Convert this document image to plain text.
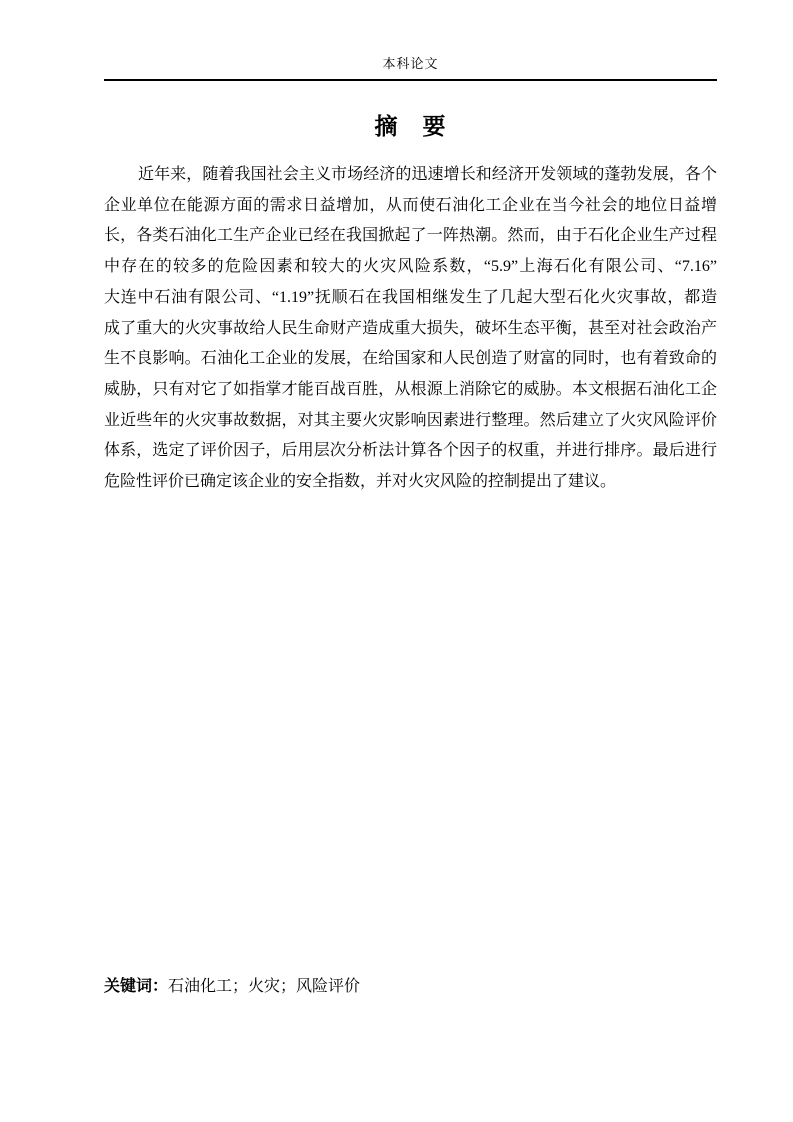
本科论文
摘　要
近年来，随着我国社会主义市场经济的迅速增长和经济开发领域的蓬勃发展，各个
企业单位在能源方面的需求日益增加，从而使石油化工企业在当今社会的地位日益增
长，各类石油化工生产企业已经在我国掀起了一阵热潮。然而，由于石化企业生产过程
中存在的较多的危险因素和较大的火灾风险系数，“5.9”上海石化有限公司、“7.16”
大连中石油有限公司、“1.19”抚顺石在我国相继发生了几起大型石化火灾事故，都造
成了重大的火灾事故给人民生命财产造成重大损失，破坏生态平衡，甚至对社会政治产
生不良影响。石油化工企业的发展，在给国家和人民创造了财富的同时，也有着致命的
威胁，只有对它了如指掌才能百战百胜，从根源上消除它的威胁。本文根据石油化工企
业近些年的火灾事故数据，对其主要火灾影响因素进行整理。然后建立了火灾风险评价
体系，选定了评价因子，后用层次分析法计算各个因子的权重，并进行排序。最后进行
危险性评价已确定该企业的安全指数，并对火灾风险的控制提出了建议。
关键词：石油化工；火灾；风险评价
